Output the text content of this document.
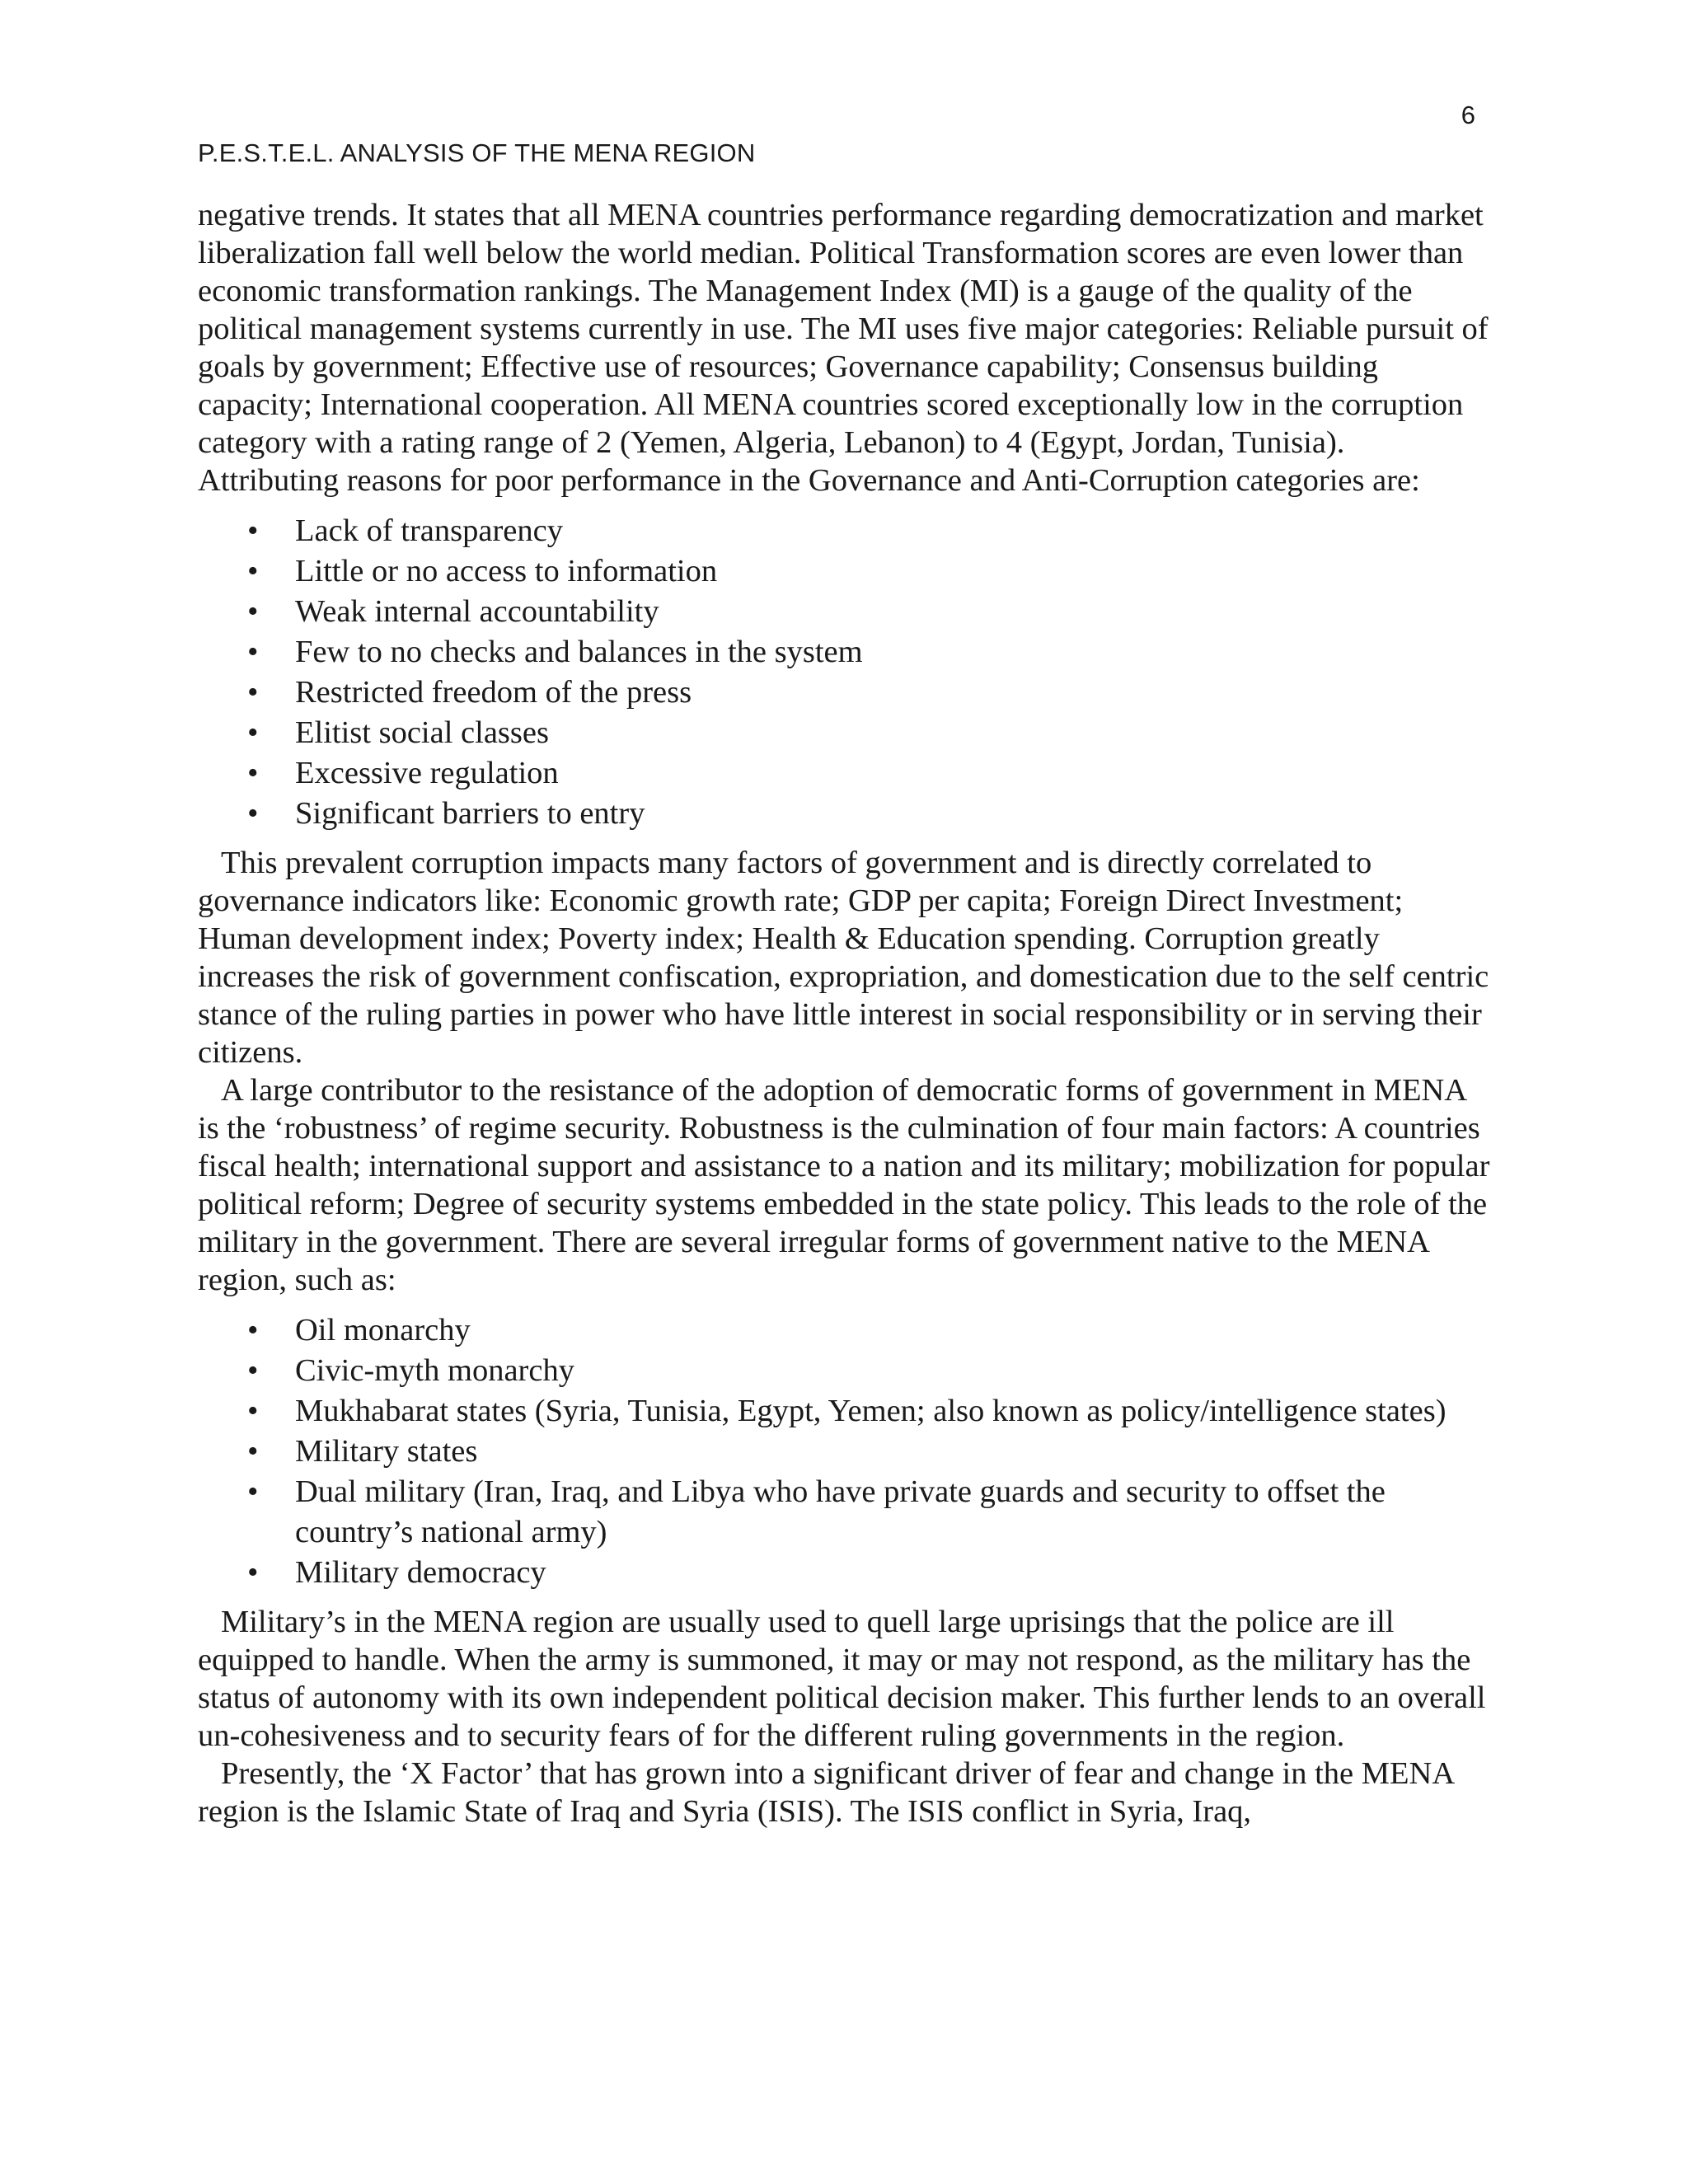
6

P.E.S.T.E.L. ANALYSIS OF THE MENA REGION

negative trends. It states that all MENA countries performance regarding democratization and market liberalization fall well below the world median. Political Transformation scores are even lower than economic transformation rankings. The Management Index (MI) is a gauge of the quality of the political management systems currently in use. The MI uses five major categories: Reliable pursuit of goals by government; Effective use of resources; Governance capability; Consensus building capacity; International cooperation. All MENA countries scored exceptionally low in the corruption category with a rating range of 2 (Yemen, Algeria, Lebanon) to 4 (Egypt, Jordan, Tunisia). Attributing reasons for poor performance in the Governance and Anti-Corruption categories are:

• Lack of transparency
• Little or no access to information
• Weak internal accountability
• Few to no checks and balances in the system
• Restricted freedom of the press
• Elitist social classes
• Excessive regulation
• Significant barriers to entry

This prevalent corruption impacts many factors of government and is directly correlated to governance indicators like: Economic growth rate; GDP per capita; Foreign Direct Investment; Human development index; Poverty index; Health & Education spending. Corruption greatly increases the risk of government confiscation, expropriation, and domestication due to the self centric stance of the ruling parties in power who have little interest in social responsibility or in serving their citizens.

A large contributor to the resistance of the adoption of democratic forms of government in MENA is the ‘robustness’ of regime security. Robustness is the culmination of four main factors: A countries fiscal health; international support and assistance to a nation and its military; mobilization for popular political reform; Degree of security systems embedded in the state policy. This leads to the role of the military in the government. There are several irregular forms of government native to the MENA region, such as:

• Oil monarchy
• Civic-myth monarchy
• Mukhabarat states (Syria, Tunisia, Egypt, Yemen; also known as policy/intelligence states)
• Military states
• Dual military (Iran, Iraq, and Libya who have private guards and security to offset the country’s national army)
• Military democracy

Military’s in the MENA region are usually used to quell large uprisings that the police are ill equipped to handle. When the army is summoned, it may or may not respond, as the military has the status of autonomy with its own independent political decision maker. This further lends to an overall un-cohesiveness and to security fears of for the different ruling governments in the region.

Presently, the ‘X Factor’ that has grown into a significant driver of fear and change in the MENA region is the Islamic State of Iraq and Syria (ISIS). The ISIS conflict in Syria, Iraq,
